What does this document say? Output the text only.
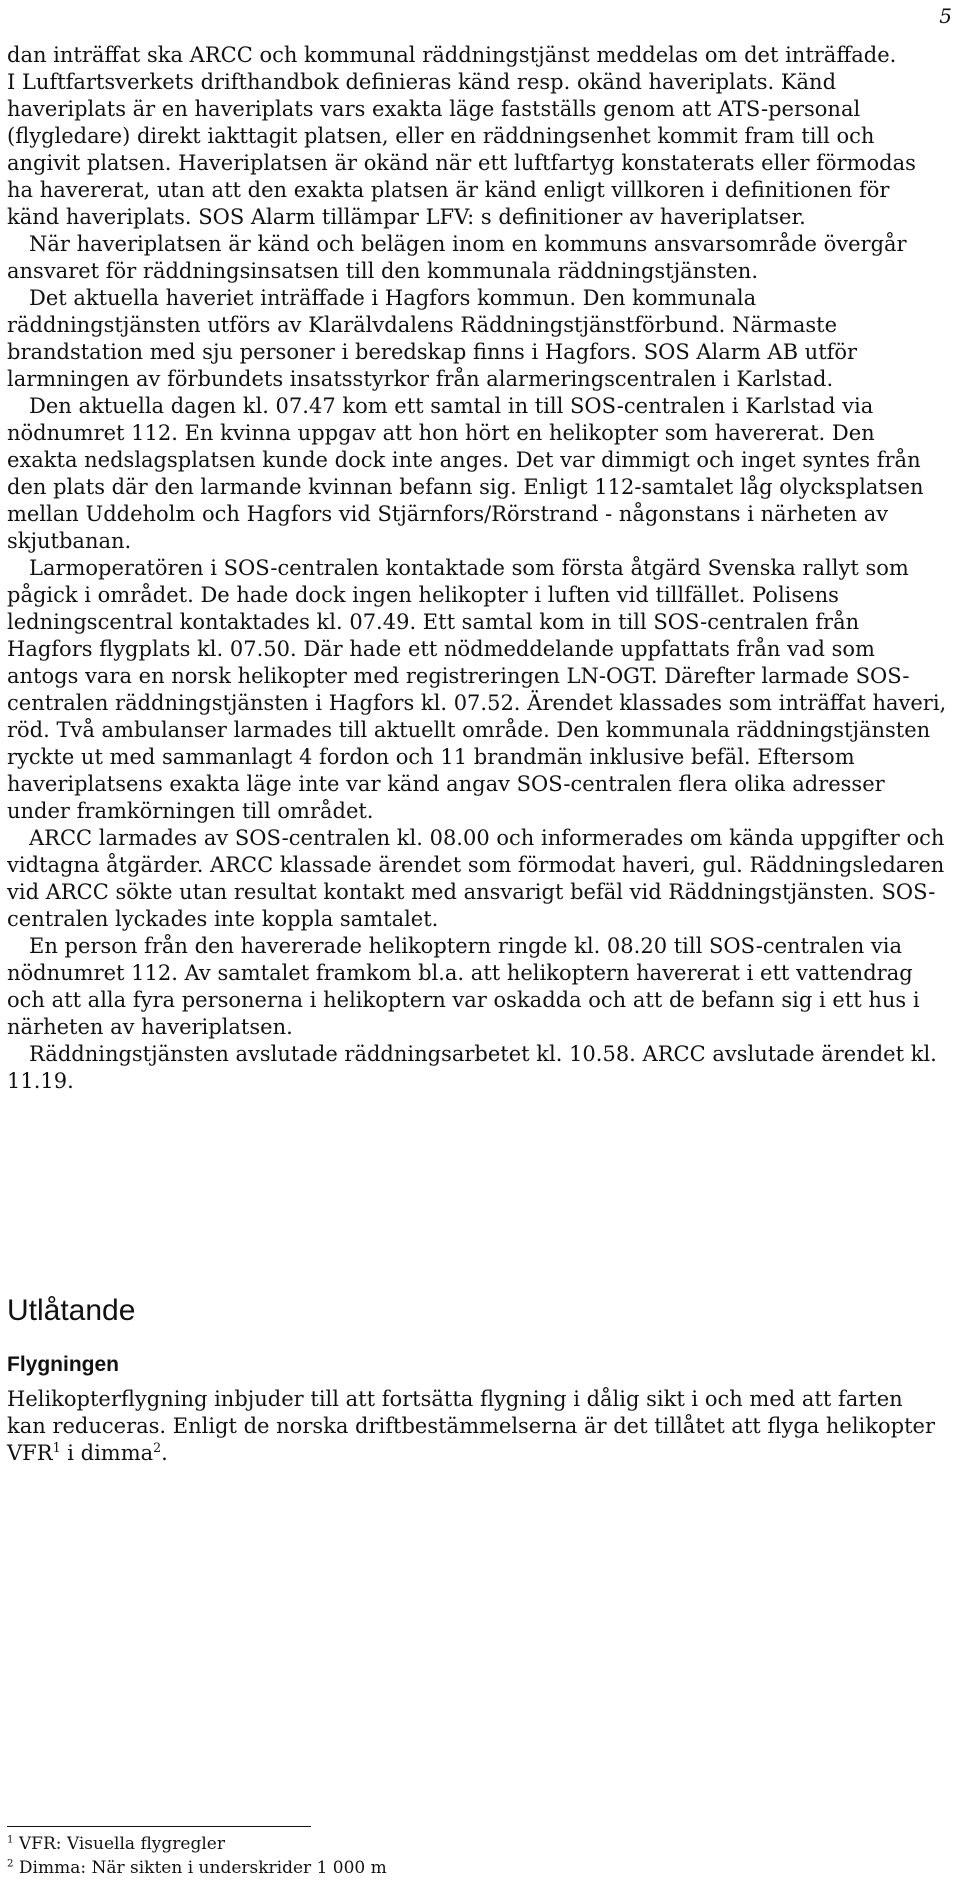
5

dan inträffat ska ARCC och kommunal räddningstjänst meddelas om det inträffade.

I Luftfartsverkets drifthandbok definieras känd resp. okänd haveriplats. Känd haveriplats är en haveriplats vars exakta läge fastställs genom att ATS-personal (flygledare) direkt iakttagit platsen, eller en räddningsenhet kommit fram till och angivit platsen. Haveriplatsen är okänd när ett luftfartyg konstaterats eller förmodas ha havererat, utan att den exakta platsen är känd enligt villkoren i definitionen för känd haveriplats. SOS Alarm tillämpar LFV: s definitioner av haveriplatser.

När haveriplatsen är känd och belägen inom en kommuns ansvarsområde övergår ansvaret för räddningsinsatsen till den kommunala räddningstjänsten.

Det aktuella haveriet inträffade i Hagfors kommun. Den kommunala räddningstjänsten utförs av Klarälvdalens Räddningstjänstförbund. Närmaste brandstation med sju personer i beredskap finns i Hagfors. SOS Alarm AB utför larmningen av förbundets insatsstyrkor från alarmeringscentralen i Karlstad.

Den aktuella dagen kl. 07.47 kom ett samtal in till SOS-centralen i Karlstad via nödnumret 112. En kvinna uppgav att hon hört en helikopter som havererat. Den exakta nedslagsplatsen kunde dock inte anges. Det var dimmigt och inget syntes från den plats där den larmande kvinnan befann sig. Enligt 112-samtalet låg olycksplatsen mellan Uddeholm och Hagfors vid Stjärnfors/Rörstrand - någonstans i närheten av skjutbanan.

Larmoperatören i SOS-centralen kontaktade som första åtgärd Svenska rallyt som pågick i området. De hade dock ingen helikopter i luften vid tillfället. Polisens ledningscentral kontaktades kl. 07.49. Ett samtal kom in till SOS-centralen från Hagfors flygplats kl. 07.50. Där hade ett nödmeddelande uppfattats från vad som antogs vara en norsk helikopter med registreringen LN-OGT. Därefter larmade SOS-centralen räddningstjänsten i Hagfors kl. 07.52. Ärendet klassades som inträffat haveri, röd. Två ambulanser larmades till aktuellt område. Den kommunala räddningstjänsten ryckte ut med sammanlagt 4 fordon och 11 brandmän inklusive befäl. Eftersom haveriplatsens exakta läge inte var känd angav SOS-centralen flera olika adresser under framkörningen till området.

ARCC larmades av SOS-centralen kl. 08.00 och informerades om kända uppgifter och vidtagna åtgärder. ARCC klassade ärendet som förmodat haveri, gul. Räddningsledaren vid ARCC sökte utan resultat kontakt med ansvarigt befäl vid Räddningstjänsten. SOS-centralen lyckades inte koppla samtalet.

En person från den havererade helikoptern ringde kl. 08.20 till SOS-centralen via nödnumret 112. Av samtalet framkom bl.a. att helikoptern havererat i ett vattendrag och att alla fyra personerna i helikoptern var oskadda och att de befann sig i ett hus i närheten av haveriplatsen.

Räddningstjänsten avslutade räddningsarbetet kl. 10.58. ARCC avslutade ärendet kl. 11.19.

Utlåtande
Flygningen

Helikopterflygning inbjuder till att fortsätta flygning i dålig sikt i och med att farten kan reduceras. Enligt de norska driftbestämmelserna är det tillåtet att flyga helikopter VFR$^1$ i dimma$^2$.

$^1$ VFR: Visuella flygregler
$^2$ Dimma: När sikten i underskrider 1 000 m
